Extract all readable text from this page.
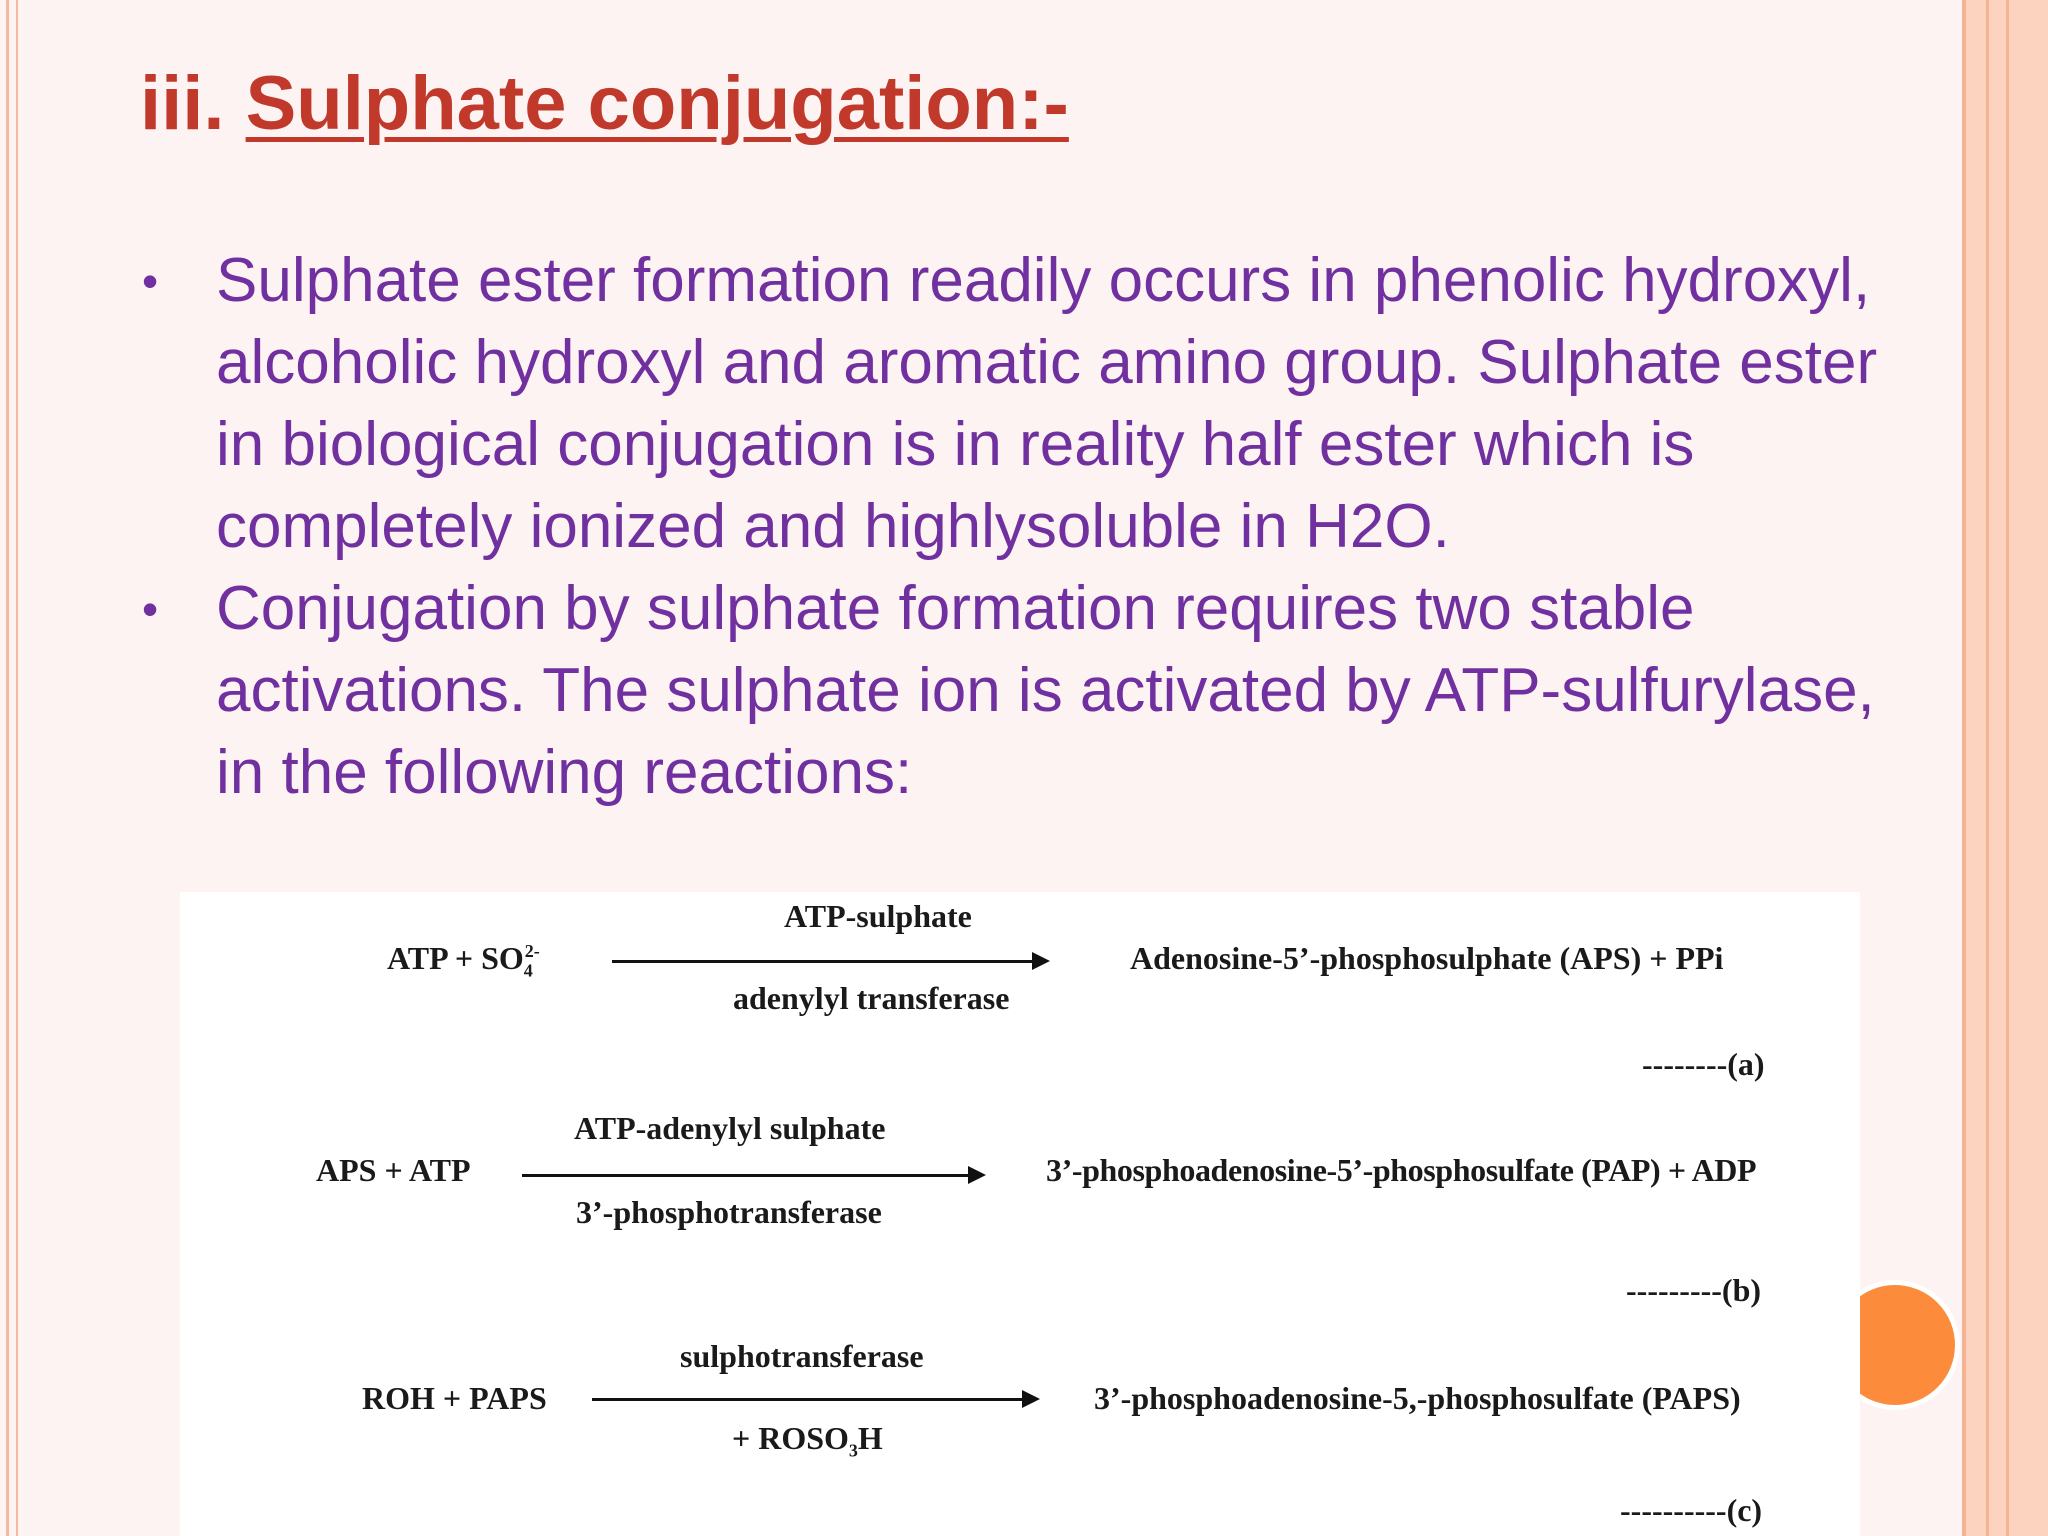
iii. Sulphate conjugation:-
• Sulphate ester formation readily occurs in phenolic hydroxyl, alcoholic hydroxyl and aromatic amino group. Sulphate ester in biological conjugation is in reality half ester which is completely ionized and highlysoluble in H2O.
• Conjugation by sulphate formation requires two stable activations. The sulphate ion is activated by ATP-sulfurylase, in the following reactions:
ATP + $SO_4^{2-}$
ATP-sulphate
adenylyl transferase
Adenosine-5’-phosphosulphate (APS) + PPi
--------(a)
APS + ATP
ATP-adenylyl sulphate
3’-phosphotransferase
3’-phosphoadenosine-5’-phosphosulfate (PAP) + ADP
---------(b)
ROH + PAPS
sulphotransferase
+ $ROSO_3H$
3’-phosphoadenosine-5,-phosphosulfate (PAPS)
----------(c)
